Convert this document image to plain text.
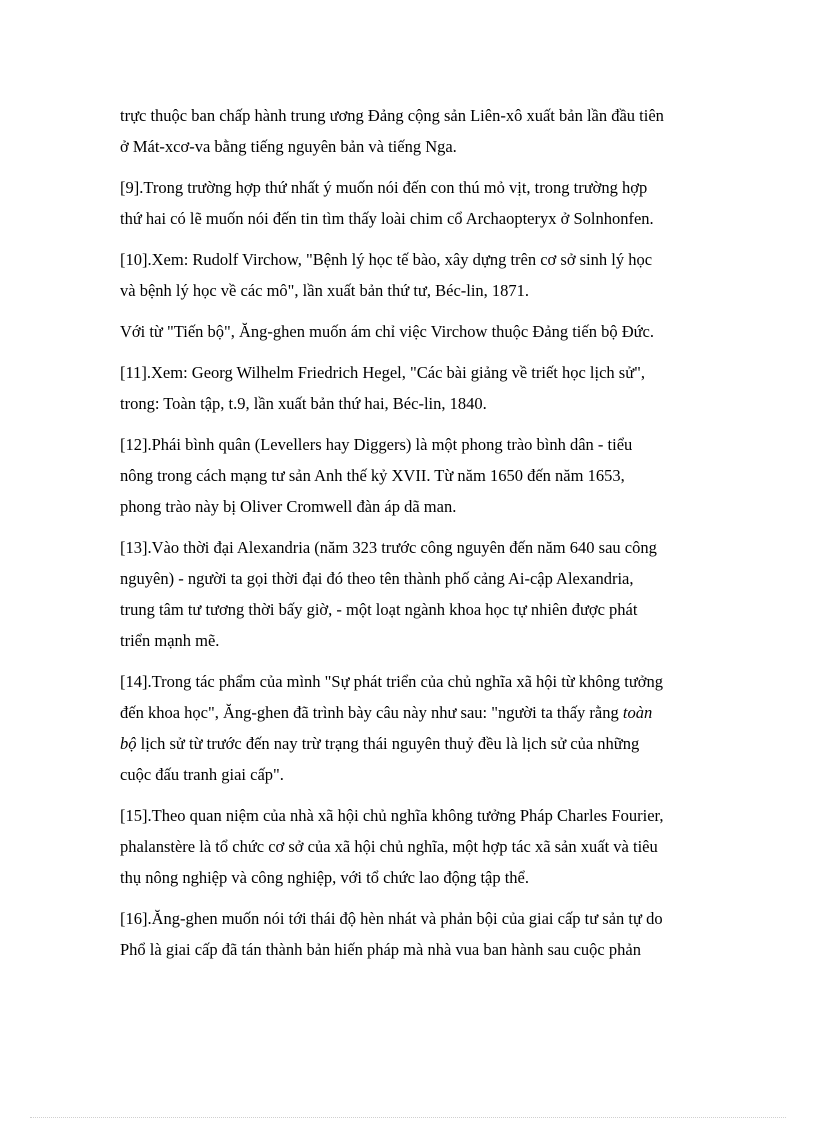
trực thuộc ban chấp hành trung ương Đảng cộng sản Liên-xô xuất bản lần đầu tiên
ở Mát-xcơ-va bằng tiếng nguyên bản và tiếng Nga.

[9].Trong trường hợp thứ nhất ý muốn nói đến con thú mỏ vịt, trong trường hợp
thứ hai có lẽ muốn nói đến tin tìm thấy loài chim cổ Archaopteryx ở Solnhonfen.

[10].Xem: Rudolf Virchow, "Bệnh lý học tế bào, xây dựng trên cơ sở sinh lý học
và bệnh lý học về các mô", lần xuất bản thứ tư, Béc-lin, 1871.

Với từ "Tiến bộ", Ăng-ghen muốn ám chỉ việc Virchow thuộc Đảng tiến bộ Đức.

[11].Xem: Georg Wilhelm Friedrich Hegel, "Các bài giảng về triết học lịch sử",
trong: Toàn tập, t.9, lần xuất bản thứ hai, Béc-lin, 1840.

[12].Phái bình quân (Levellers hay Diggers) là một phong trào bình dân - tiểu
nông trong cách mạng tư sản Anh thế kỷ XVII. Từ năm 1650 đến năm 1653,
phong trào này bị Oliver Cromwell đàn áp dã man.

[13].Vào thời đại Alexandria (năm 323 trước công nguyên đến năm 640 sau công
nguyên) - người ta gọi thời đại đó theo tên thành phố cảng Ai-cập Alexandria,
trung tâm tư tương thời bấy giờ, - một loạt ngành khoa học tự nhiên được phát
triển mạnh mẽ.

[14].Trong tác phẩm của mình "Sự phát triển của chủ nghĩa xã hội từ không tưởng
đến khoa học", Ăng-ghen đã trình bày câu này như sau: "người ta thấy rằng toàn
bộ lịch sử từ trước đến nay trừ trạng thái nguyên thuỷ đều là lịch sử của những
cuộc đấu tranh giai cấp".

[15].Theo quan niệm của nhà xã hội chủ nghĩa không tưởng Pháp Charles Fourier,
phalanstère là tổ chức cơ sở của xã hội chủ nghĩa, một hợp tác xã sản xuất và tiêu
thụ nông nghiệp và công nghiệp, với tổ chức lao động tập thể.

[16].Ăng-ghen muốn nói tới thái độ hèn nhát và phản bội của giai cấp tư sản tự do
Phổ là giai cấp đã tán thành bản hiến pháp mà nhà vua ban hành sau cuộc phản
